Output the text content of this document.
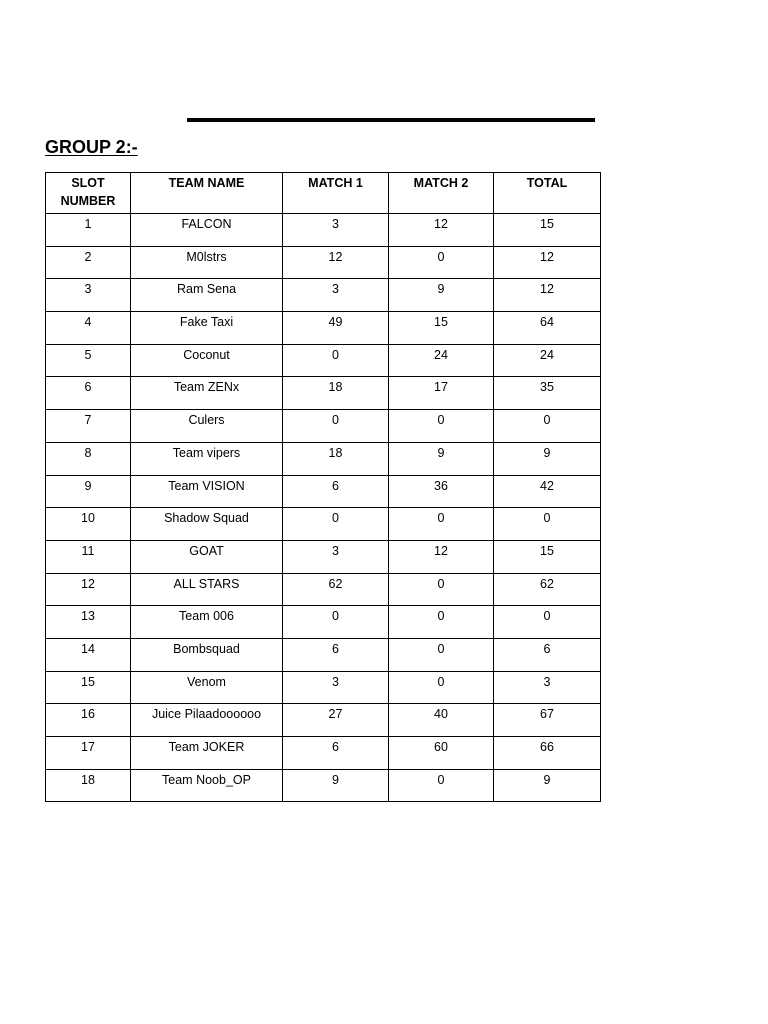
GROUP 2:-
SLOT
NUMBER	TEAM NAME	MATCH 1	MATCH 2	TOTAL
1	FALCON	3	12	15
2	M0lstrs	12	0	12
3	Ram Sena	3	9	12
4	Fake Taxi	49	15	64
5	Coconut	0	24	24
6	Team ZENx	18	17	35
7	Culers	0	0	0
8	Team vipers	18	9	9
9	Team VISION	6	36	42
10	Shadow Squad	0	0	0
11	GOAT	3	12	15
12	ALL STARS	62	0	62
13	Team 006	0	0	0
14	Bombsquad	6	0	6
15	Venom	3	0	3
16	Juice Pilaadoooooo	27	40	67
17	Team JOKER	6	60	66
18	Team Noob_OP	9	0	9
